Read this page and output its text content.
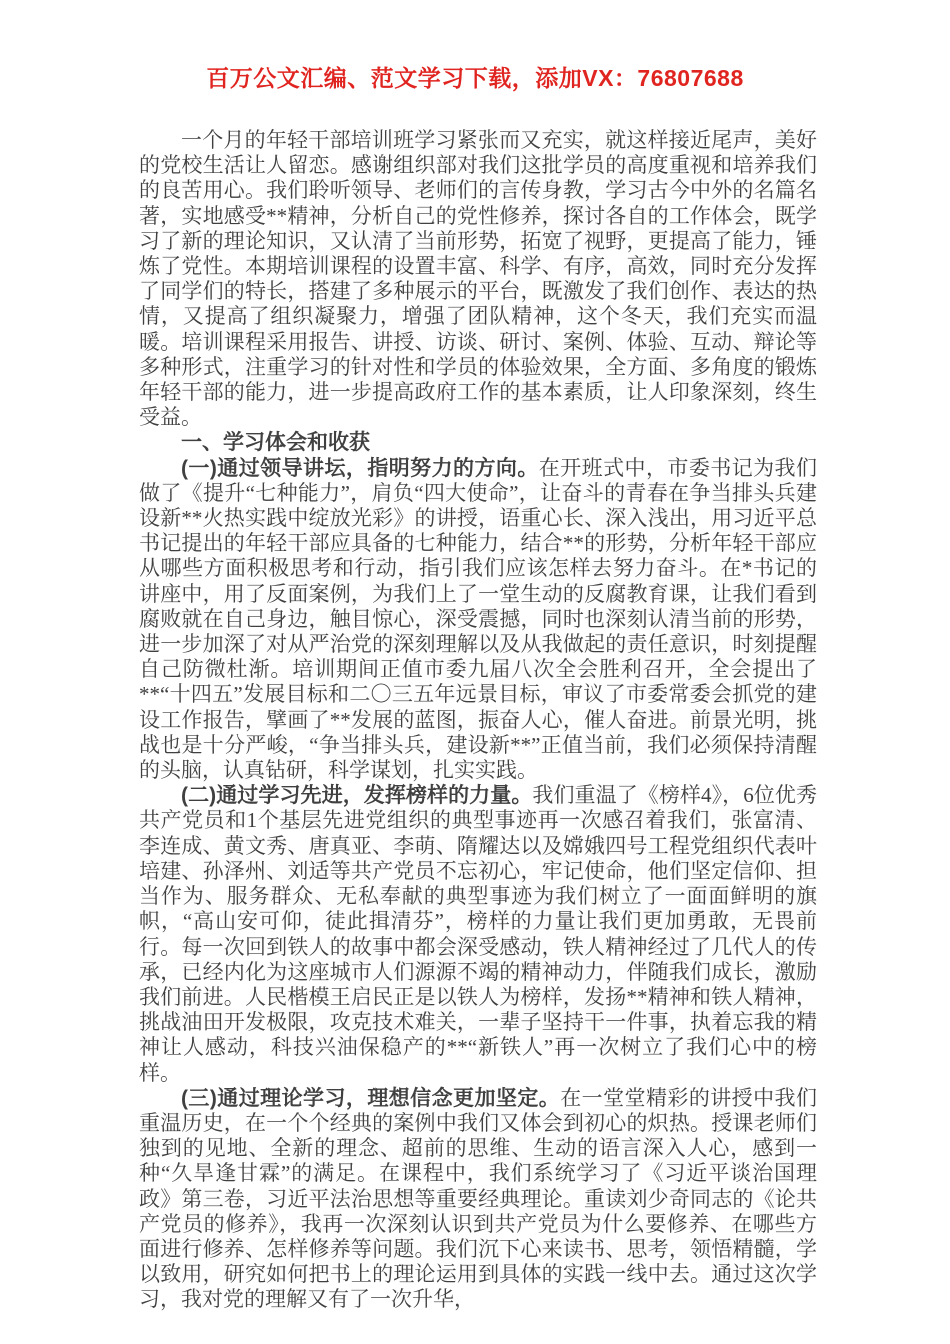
百万公文汇编、范文学习下载，添加VX：76807688

一个月的年轻干部培训班学习紧张而又充实，就这样接近尾声，美好的党校生活让人留恋。感谢组织部对我们这批学员的高度重视和培养我们的良苦用心。我们聆听领导、老师们的言传身教，学习古今中外的名篇名著，实地感受**精神，分析自己的党性修养，探讨各自的工作体会，既学习了新的理论知识，又认清了当前形势，拓宽了视野，更提高了能力，锤炼了党性。本期培训课程的设置丰富、科学、有序，高效，同时充分发挥了同学们的特长，搭建了多种展示的平台，既激发了我们创作、表达的热情，又提高了组织凝聚力，增强了团队精神，这个冬天，我们充实而温暖。培训课程采用报告、讲授、访谈、研讨、案例、体验、互动、辩论等多种形式，注重学习的针对性和学员的体验效果，全方面、多角度的锻炼年轻干部的能力，进一步提高政府工作的基本素质，让人印象深刻，终生受益。

一、学习体会和收获

(一)通过领导讲坛，指明努力的方向。在开班式中，市委书记为我们做了《提升“七种能力”，肩负“四大使命”，让奋斗的青春在争当排头兵建设新**火热实践中绽放光彩》的讲授，语重心长、深入浅出，用习近平总书记提出的年轻干部应具备的七种能力，结合**的形势，分析年轻干部应从哪些方面积极思考和行动，指引我们应该怎样去努力奋斗。在*书记的讲座中，用了反面案例，为我们上了一堂生动的反腐教育课，让我们看到腐败就在自己身边，触目惊心，深受震撼，同时也深刻认清当前的形势，进一步加深了对从严治党的深刻理解以及从我做起的责任意识，时刻提醒自己防微杜渐。培训期间正值市委九届八次全会胜利召开，全会提出了**“十四五”发展目标和二〇三五年远景目标，审议了市委常委会抓党的建设工作报告，擘画了**发展的蓝图，振奋人心，催人奋进。前景光明，挑战也是十分严峻，“争当排头兵，建设新**”正值当前，我们必须保持清醒的头脑，认真钻研，科学谋划，扎实实践。

(二)通过学习先进，发挥榜样的力量。我们重温了《榜样4》，6位优秀共产党员和1个基层先进党组织的典型事迹再一次感召着我们，张富清、李连成、黄文秀、唐真亚、李萌、隋耀达以及嫦娥四号工程党组织代表叶培建、孙泽州、刘适等共产党员不忘初心，牢记使命，他们坚定信仰、担当作为、服务群众、无私奉献的典型事迹为我们树立了一面面鲜明的旗帜，“高山安可仰，徒此揖清芬”，榜样的力量让我们更加勇敢，无畏前行。每一次回到铁人的故事中都会深受感动，铁人精神经过了几代人的传承，已经内化为这座城市人们源源不竭的精神动力，伴随我们成长，激励我们前进。人民楷模王启民正是以铁人为榜样，发扬**精神和铁人精神，挑战油田开发极限，攻克技术难关，一辈子坚持干一件事，执着忘我的精神让人感动，科技兴油保稳产的**“新铁人”再一次树立了我们心中的榜样。

(三)通过理论学习，理想信念更加坚定。在一堂堂精彩的讲授中我们重温历史，在一个个经典的案例中我们又体会到初心的炽热。授课老师们独到的见地、全新的理念、超前的思维、生动的语言深入人心，感到一种“久旱逢甘霖”的满足。在课程中，我们系统学习了《习近平谈治国理政》第三卷，习近平法治思想等重要经典理论。重读刘少奇同志的《论共产党员的修养》，我再一次深刻认识到共产党员为什么要修养、在哪些方面进行修养、怎样修养等问题。我们沉下心来读书、思考，领悟精髓，学以致用，研究如何把书上的理论运用到具体的实践一线中去。通过这次学习，我对党的理解又有了一次升华，
